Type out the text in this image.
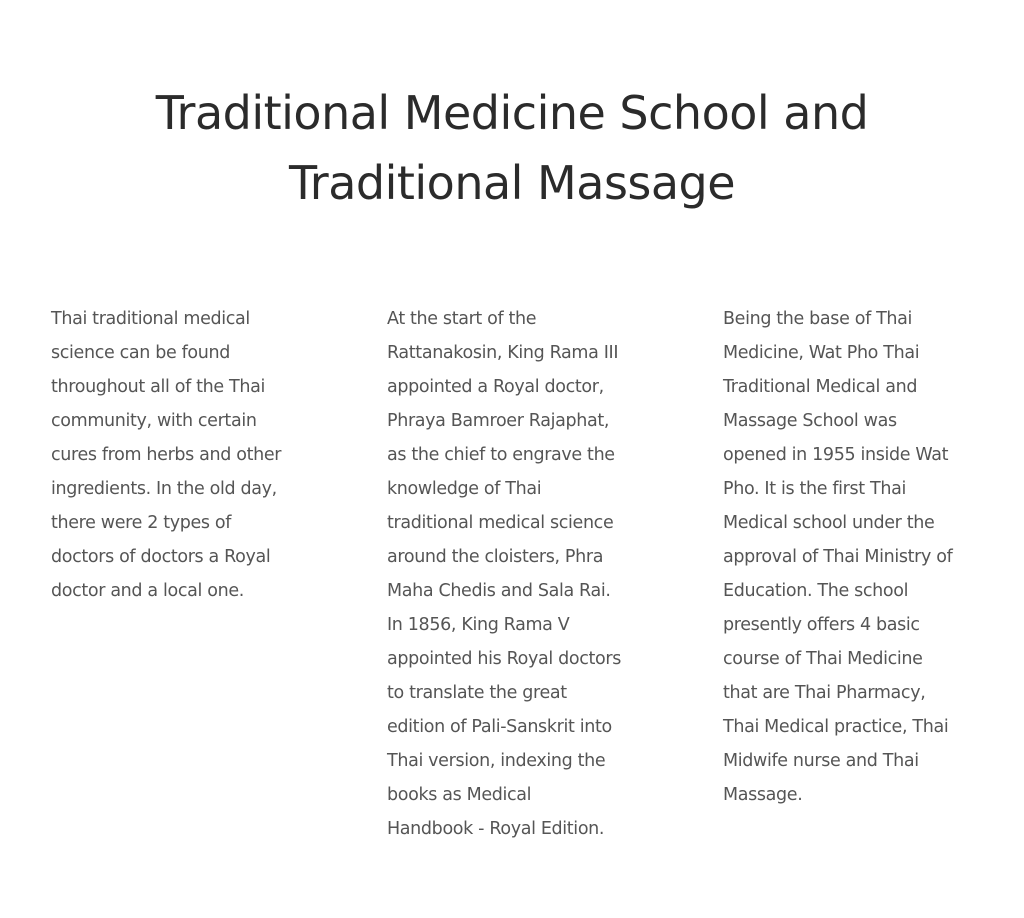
Traditional Medicine School and
Traditional Massage

Thai traditional medical
science can be found
throughout all of the Thai
community, with certain
cures from herbs and other
ingredients. In the old day,
there were 2 types of
doctors of doctors a Royal
doctor and a local one.

At the start of the
Rattanakosin, King Rama III
appointed a Royal doctor,
Phraya Bamroer Rajaphat,
as the chief to engrave the
knowledge of Thai
traditional medical science
around the cloisters, Phra
Maha Chedis and Sala Rai.
In 1856, King Rama V
appointed his Royal doctors
to translate the great
edition of Pali-Sanskrit into
Thai version, indexing the
books as Medical
Handbook - Royal Edition.

Being the base of Thai
Medicine, Wat Pho Thai
Traditional Medical and
Massage School was
opened in 1955 inside Wat
Pho. It is the first Thai
Medical school under the
approval of Thai Ministry of
Education. The school
presently offers 4 basic
course of Thai Medicine
that are Thai Pharmacy,
Thai Medical practice, Thai
Midwife nurse and Thai
Massage.
